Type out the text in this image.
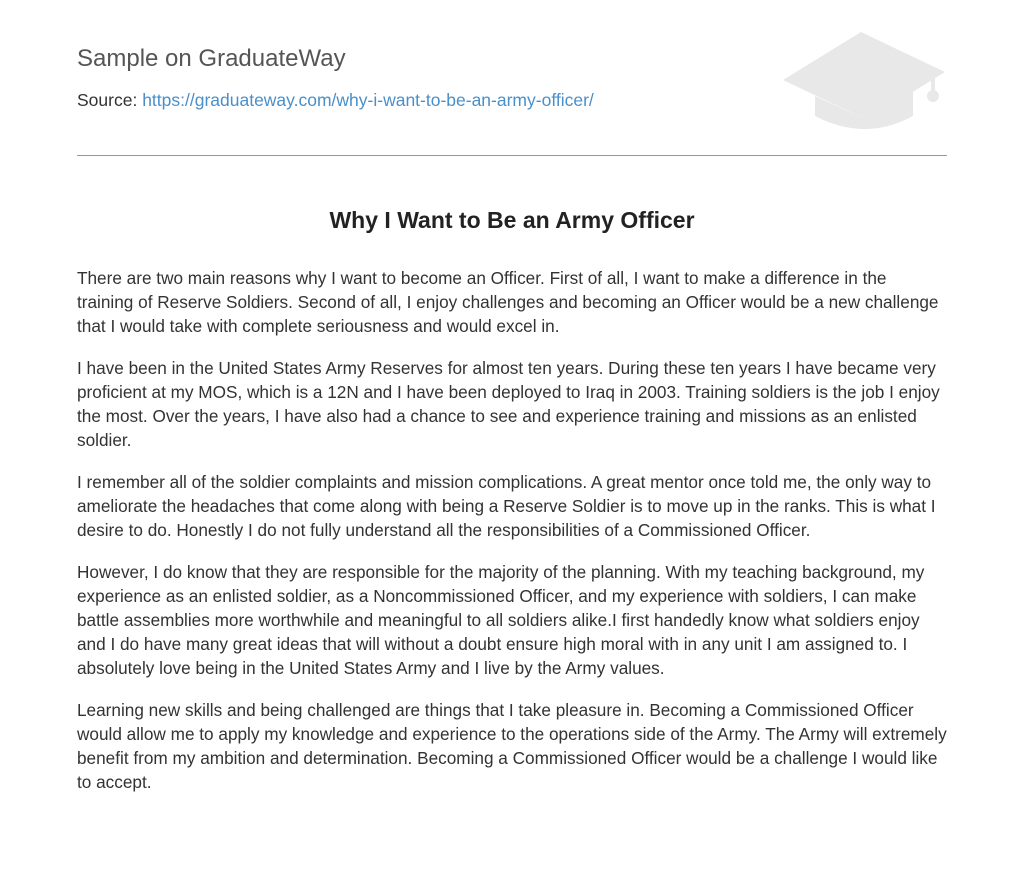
Sample on GraduateWay
Source: https://graduateway.com/why-i-want-to-be-an-army-officer/
Why I Want to Be an Army Officer

There are two main reasons why I want to become an Officer. First of all, I want to make a difference in the training of Reserve Soldiers. Second of all, I enjoy challenges and becoming an Officer would be a new challenge that I would take with complete seriousness and would excel in.

I have been in the United States Army Reserves for almost ten years. During these ten years I have became very proficient at my MOS, which is a 12N and I have been deployed to Iraq in 2003. Training soldiers is the job I enjoy the most. Over the years, I have also had a chance to see and experience training and missions as an enlisted soldier.

I remember all of the soldier complaints and mission complications. A great mentor once told me, the only way to ameliorate the headaches that come along with being a Reserve Soldier is to move up in the ranks. This is what I desire to do. Honestly I do not fully understand all the responsibilities of a Commissioned Officer.

However, I do know that they are responsible for the majority of the planning. With my teaching background, my experience as an enlisted soldier, as a Noncommissioned Officer, and my experience with soldiers, I can make battle assemblies more worthwhile and meaningful to all soldiers alike.I first handedly know what soldiers enjoy and I do have many great ideas that will without a doubt ensure high moral with in any unit I am assigned to. I absolutely love being in the United States Army and I live by the Army values.

Learning new skills and being challenged are things that I take pleasure in. Becoming a Commissioned Officer would allow me to apply my knowledge and experience to the operations side of the Army. The Army will extremely benefit from my ambition and determination. Becoming a Commissioned Officer would be a challenge I would like to accept.
